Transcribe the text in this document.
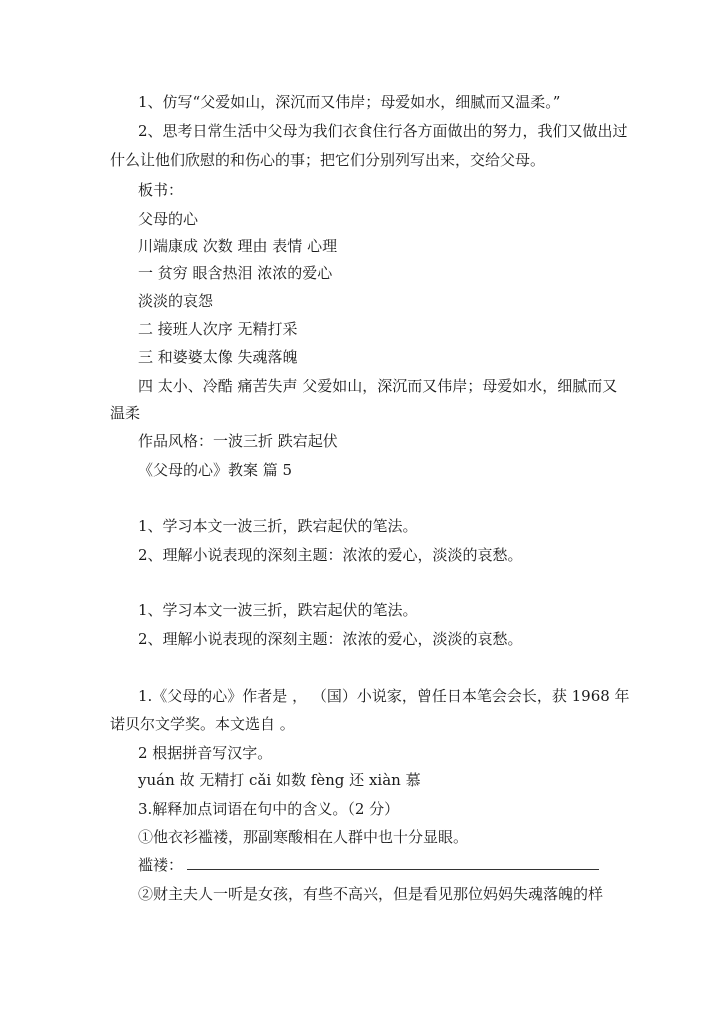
1、仿写“父爱如山，深沉而又伟岸；母爱如水，细腻而又温柔。”
2、思考日常生活中父母为我们衣食住行各方面做出的努力，我们又做出过
什么让他们欣慰的和伤心的事；把它们分别列写出来，交给父母。
板书：
父母的心
川端康成 次数 理由 表情 心理
一 贫穷 眼含热泪 浓浓的爱心
淡淡的哀怨
二 接班人次序 无精打采
三 和婆婆太像 失魂落魄
四 太小、冷酷 痛苦失声 父爱如山，深沉而又伟岸；母爱如水，细腻而又
温柔
作品风格：一波三折 跌宕起伏
《父母的心》教案 篇 5
1、学习本文一波三折，跌宕起伏的笔法。
2、理解小说表现的深刻主题：浓浓的爱心，淡淡的哀愁。
1、学习本文一波三折，跌宕起伏的笔法。
2、理解小说表现的深刻主题：浓浓的爱心，淡淡的哀愁。
1.《父母的心》作者是 ， （国）小说家，曾任日本笔会会长，获 1968 年
诺贝尔文学奖。本文选自 。
2 根据拼音写汉字。
yuán 故 无精打 cǎi 如数 fèng 还 xiàn 慕
3.解释加点词语在句中的含义。（2 分）
①他衣衫褴褛，那副寒酸相在人群中也十分显眼。
褴褛：
②财主夫人一听是女孩，有些不高兴，但是看见那位妈妈失魂落魄的样
